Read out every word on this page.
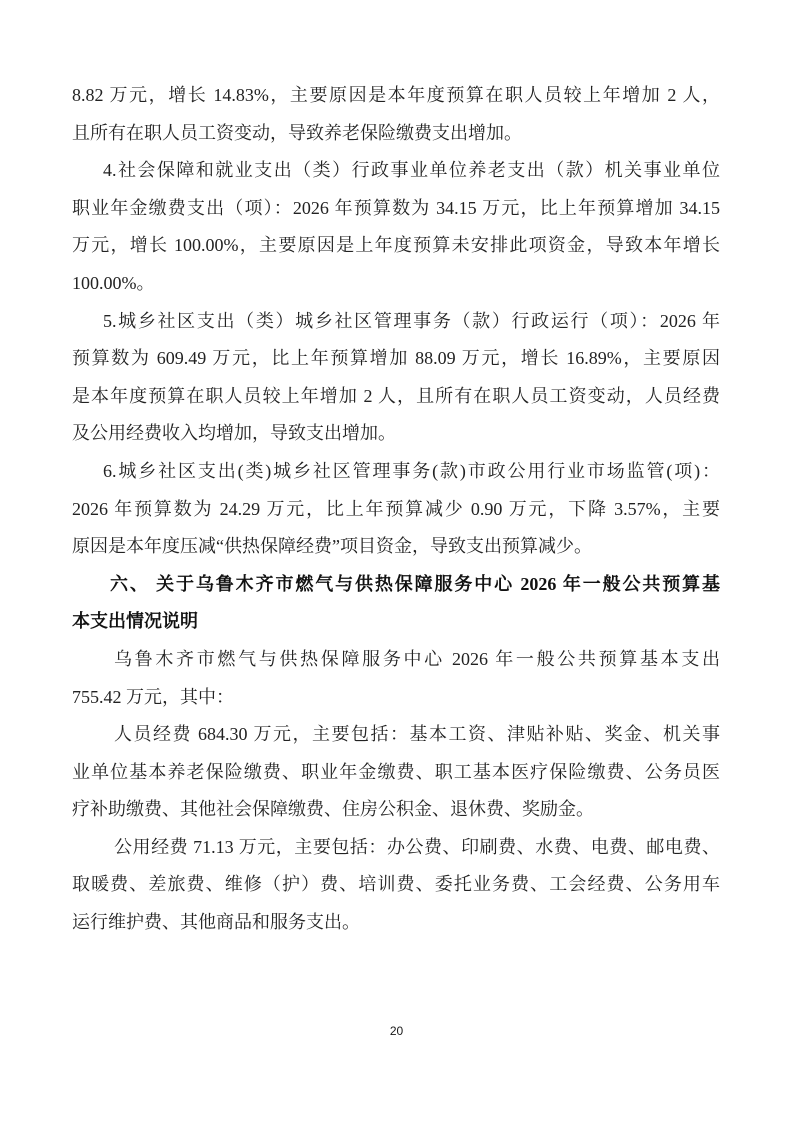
8.82 万元，增长 14.83%，主要原因是本年度预算在职人员较上年增加 2 人，
且所有在职人员工资变动，导致养老保险缴费支出增加。
4.社会保障和就业支出（类）行政事业单位养老支出（款）机关事业单位
职业年金缴费支出（项）：2026 年预算数为 34.15 万元，比上年预算增加 34.15
万元，增长 100.00%，主要原因是上年度预算未安排此项资金，导致本年增长
100.00%。
5.城乡社区支出（类）城乡社区管理事务（款）行政运行（项）：2026 年
预算数为 609.49 万元，比上年预算增加 88.09 万元，增长 16.89%，主要原因
是本年度预算在职人员较上年增加 2 人，且所有在职人员工资变动，人员经费
及公用经费收入均增加，导致支出增加。
6.城乡社区支出(类)城乡社区管理事务(款)市政公用行业市场监管(项)：
2026 年预算数为 24.29 万元，比上年预算减少 0.90 万元，下降 3.57%，主要
原因是本年度压减“供热保障经费”项目资金，导致支出预算减少。
六、 关于乌鲁木齐市燃气与供热保障服务中心 2026 年一般公共预算基
本支出情况说明
乌鲁木齐市燃气与供热保障服务中心 2026 年一般公共预算基本支出
755.42 万元，其中：
人员经费 684.30 万元，主要包括：基本工资、津贴补贴、奖金、机关事
业单位基本养老保险缴费、职业年金缴费、职工基本医疗保险缴费、公务员医
疗补助缴费、其他社会保障缴费、住房公积金、退休费、奖励金。
公用经费 71.13 万元，主要包括：办公费、印刷费、水费、电费、邮电费、
取暖费、差旅费、维修（护）费、培训费、委托业务费、工会经费、公务用车
运行维护费、其他商品和服务支出。
20
